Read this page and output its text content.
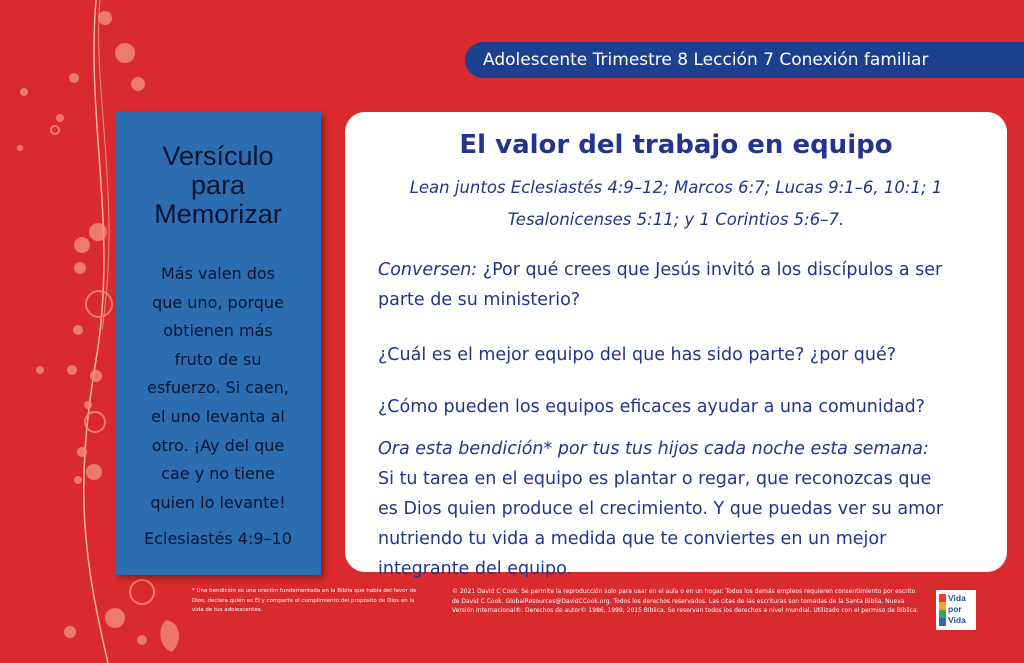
Adolescente Trimestre 8 Lección 7 Conexión familiar
Versículo
para
Memorizar
Más valen dos
que uno, porque
obtienen más
fruto de su
esfuerzo. Si caen,
el uno levanta al
otro. ¡Ay del que
cae y no tiene
quien lo levante!
Eclesiastés 4:9–10
El valor del trabajo en equipo
Lean juntos Eclesiastés 4:9–12; Marcos 6:7; Lucas 9:1–6, 10:1; 1
Tesalonicenses 5:11; y 1 Corintios 5:6–7.
Conversen: ¿Por qué crees que Jesús invitó a los discípulos a ser
parte de su ministerio?
¿Cuál es el mejor equipo del que has sido parte? ¿por qué?
¿Cómo pueden los equipos eficaces ayudar a una comunidad?
Ora esta bendición* por tus tus hijos cada noche esta semana:
Si tu tarea en el equipo es plantar o regar, que reconozcas que
es Dios quien produce el crecimiento. Y que puedas ver su amor
nutriendo tu vida a medida que te conviertes en un mejor
integrante del equipo.
* Una bendición es una oración fundamentada en la Biblia que habla del favor de Dios, declara quién es Él y comparte el cumplimiento del propósito de Dios en la vida de tus adolescentes.
© 2021 David C Cook. Se permite la reproducción solo para usar en el aula o en un hogar. Todos los demás empleos requieren consentimiento por escrito de David C Cook. GlobalResources@DavidCCook.org. Todos los derechos reservados. Las citas de las escrituras son tomadas de la Santa Biblia, Nueva Versión Internacional®. Derechos de autor© 1986, 1999, 2015 Bíblica. Se reservan todos los derechos a nivel mundial. Utilizado con el permiso de Bíblica.
Vida
por
Vida
